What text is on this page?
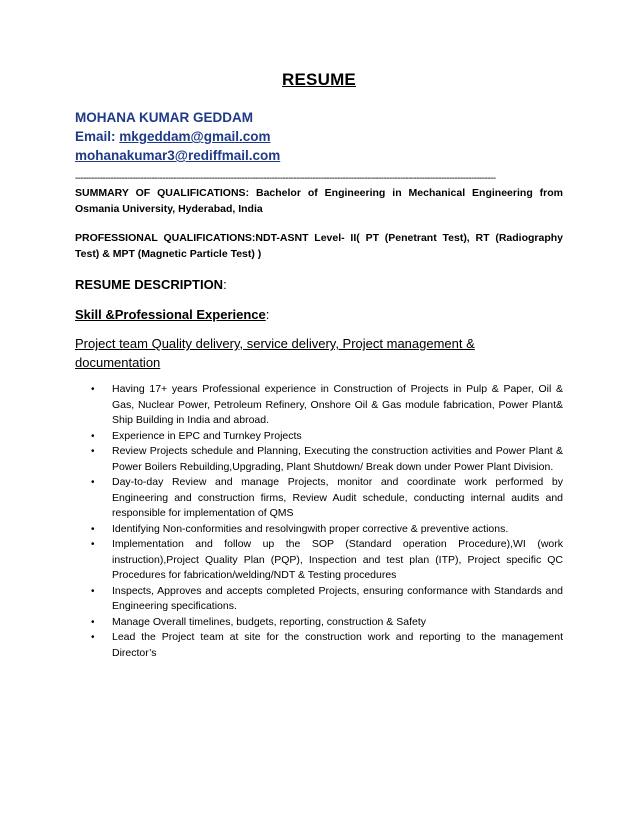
RESUME
MOHANA KUMAR GEDDAM
Email: mkgeddam@gmail.com
mohanakumar3@rediffmail.com
----------------------------------------------------------------------------------------------------------------------------------------------------------
SUMMARY OF QUALIFICATIONS: Bachelor of Engineering in Mechanical Engineering from Osmania University, Hyderabad, India
PROFESSIONAL QUALIFICATIONS:NDT-ASNT Level- II( PT (Penetrant Test), RT (Radiography Test) & MPT (Magnetic Particle Test) )
RESUME DESCRIPTION:
Skill &Professional Experience:
Project team Quality delivery, service delivery, Project management & documentation
• Having 17+ years Professional experience in Construction of Projects in Pulp & Paper, Oil & Gas, Nuclear Power, Petroleum Refinery, Onshore Oil & Gas module fabrication, Power Plant& Ship Building in India and abroad.
• Experience in EPC and Turnkey Projects
• Review Projects schedule and Planning, Executing the construction activities and Power Plant & Power Boilers Rebuilding,Upgrading, Plant Shutdown/ Break down under Power Plant Division.
• Day-to-day Review and manage Projects, monitor and coordinate work performed by Engineering and construction firms, Review Audit schedule, conducting internal audits and responsible for implementation of QMS
• Identifying Non-conformities and resolvingwith proper corrective & preventive actions.
• Implementation and follow up the SOP (Standard operation Procedure),WI (work instruction),Project Quality Plan (PQP), Inspection and test plan (ITP), Project specific QC Procedures for fabrication/welding/NDT & Testing procedures
• Inspects, Approves and accepts completed Projects, ensuring conformance with Standards and Engineering specifications.
• Manage Overall timelines, budgets, reporting, construction & Safety
• Lead the Project team at site for the construction work and reporting to the management Director’s
